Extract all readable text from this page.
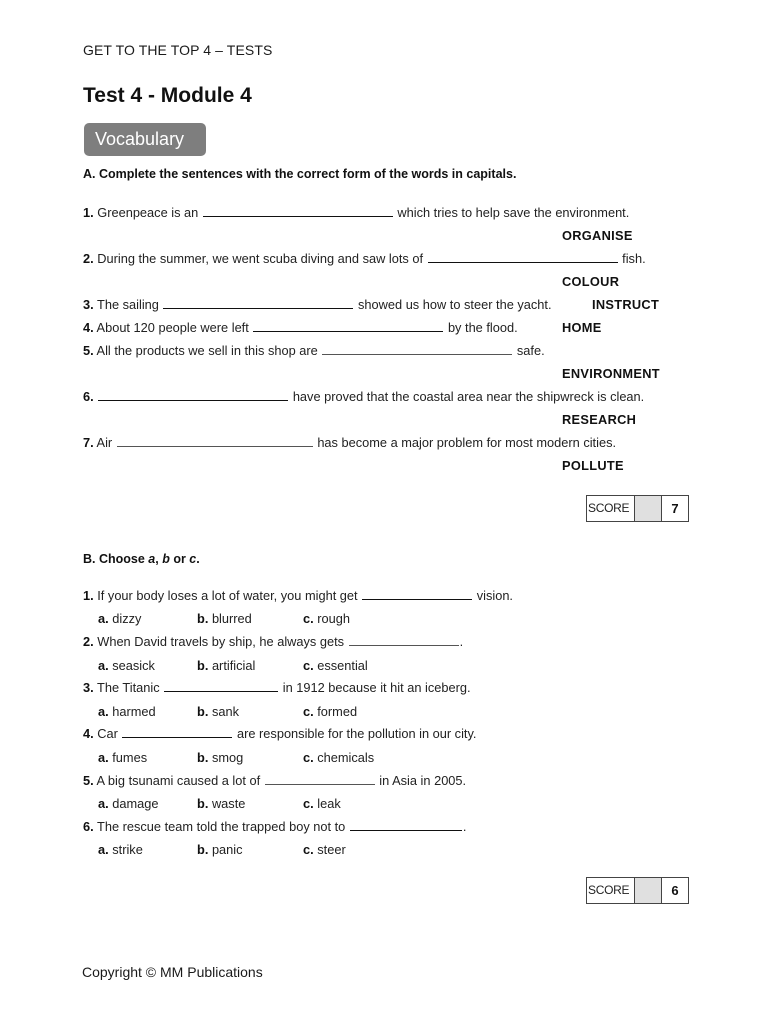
GET TO THE TOP 4 – TESTS
Test 4 - Module 4
Vocabulary
A. Complete the sentences with the correct form of the words in capitals.
1. Greenpeace is an	which tries to help save the environment.
ORGANISE
2. During the summer, we went scuba diving and saw lots of	fish.
COLOUR
3. The sailing	showed us how to steer the yacht.	INSTRUCT
4. About 120 people were left	by the flood.	HOME
5. All the products we sell in this shop are	safe.
ENVIRONMENT
6.	have proved that the coastal area near the shipwreck is clean.
RESEARCH
7. Air	has become a major problem for most modern cities.
POLLUTE
SCORE	7
B. Choose a, b or c.
1. If your body loses a lot of water, you might get	vision.
a. dizzy	b. blurred	c. rough
2. When David travels by ship, he always gets	.
a. seasick	b. artificial	c. essential
3. The Titanic	in 1912 because it hit an iceberg.
a. harmed	b. sank	c. formed
4. Car	are responsible for the pollution in our city.
a. fumes	b. smog	c. chemicals
5. A big tsunami caused a lot of	in Asia in 2005.
a. damage	b. waste	c. leak
6. The rescue team told the trapped boy not to	.
a. strike	b. panic	c. steer
SCORE	6
Copyright © MM Publications
